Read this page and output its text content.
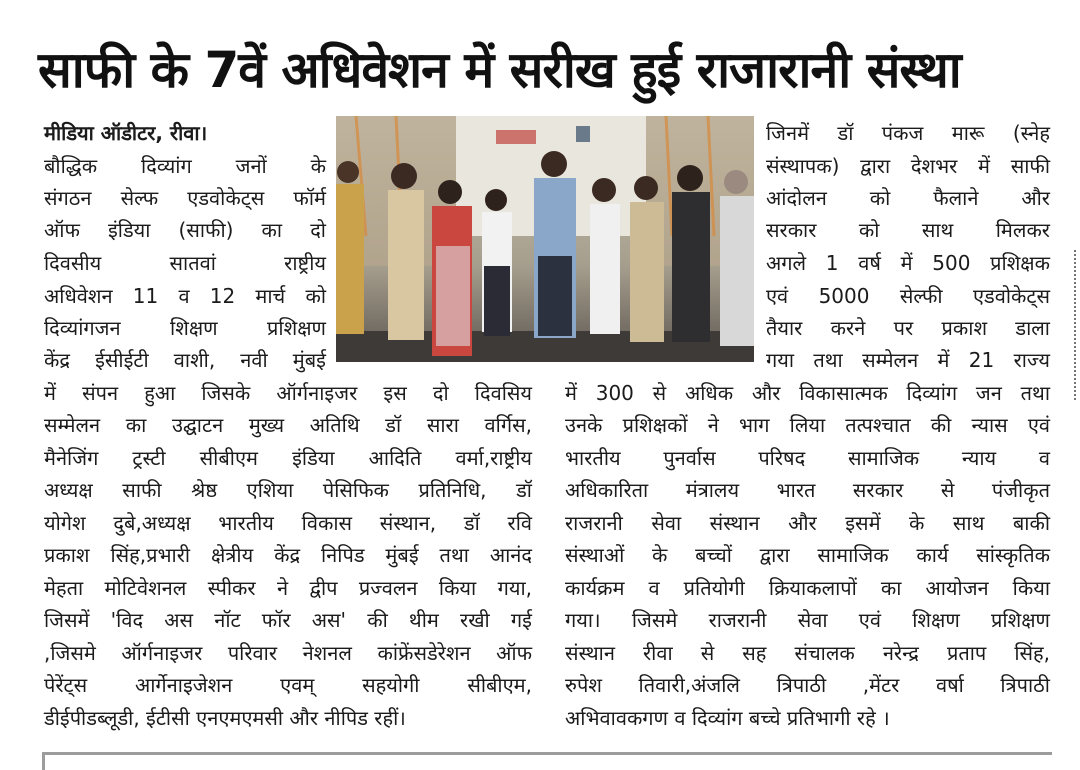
साफी के 7वें अधिवेशन में सरीख हुई राजारानी संस्था
मीडिया ऑडीटर, रीवा।
बौद्धिक दिव्यांग जनों के
संगठन सेल्फ एडवोकेट्स फॉर्म
ऑफ इंडिया (साफी) का दो
दिवसीय सातवां राष्ट्रीय
अधिवेशन 11 व 12 मार्च को
दिव्यांगजन शिक्षण प्रशिक्षण
केंद्र ईसीईटी वाशी, नवी मुंबई
जिनमें डॉ पंकज मारू (स्नेह
संस्थापक) द्वारा देशभर में साफी
आंदोलन को फैलाने और
सरकार को साथ मिलकर
अगले 1 वर्ष में 500 प्रशिक्षक
एवं 5000 सेल्फी एडवोकेट्स
तैयार करने पर प्रकाश डाला
गया तथा सम्मेलन में 21 राज्य
में संपन हुआ जिसके ऑर्गनाइजर इस दो दिवसिय
सम्मेलन का उद्घाटन मुख्य अतिथि डॉ सारा वर्गिस,
मैनेजिंग ट्रस्टी सीबीएम इंडिया आदिति वर्मा,राष्ट्रीय
अध्यक्ष साफी श्रेष्ठ एशिया पेसिफिक प्रतिनिधि, डॉ
योगेश दुबे,अध्यक्ष भारतीय विकास संस्थान, डॉ रवि
प्रकाश सिंह,प्रभारी क्षेत्रीय केंद्र निपिड मुंबई तथा आनंद
मेहता मोटिवेशनल स्पीकर ने द्वीप प्रज्वलन किया गया,
जिसमें 'विद अस नॉट फॉर अस' की थीम रखी गई
,जिसमे ऑर्गनाइजर परिवार नेशनल कांफ्रेंसडेरेशन ऑफ
पेरेंट्स आर्गेनाइजेशन एवम् सहयोगी सीबीएम,
डीईपीडब्लूडी, ईटीसी एनएमएमसी और नीपिड रहीं।
में 300 से अधिक और विकासात्मक दिव्यांग जन तथा
उनके प्रशिक्षकों ने भाग लिया तत्पश्चात की न्यास एवं
भारतीय पुनर्वास परिषद सामाजिक न्याय व
अधिकारिता मंत्रालय भारत सरकार से पंजीकृत
राजरानी सेवा संस्थान और इसमें के साथ बाकी
संस्थाओं के बच्चों द्वारा सामाजिक कार्य सांस्कृतिक
कार्यक्रम व प्रतियोगी क्रियाकलापों का आयोजन किया
गया। जिसमे राजरानी सेवा एवं शिक्षण प्रशिक्षण
संस्थान रीवा से सह संचालक नरेन्द्र प्रताप सिंह,
रुपेश तिवारी,अंजलि त्रिपाठी ,मेंटर वर्षा त्रिपाठी
अभिवावकगण व दिव्यांग बच्चे प्रतिभागी रहे ।
